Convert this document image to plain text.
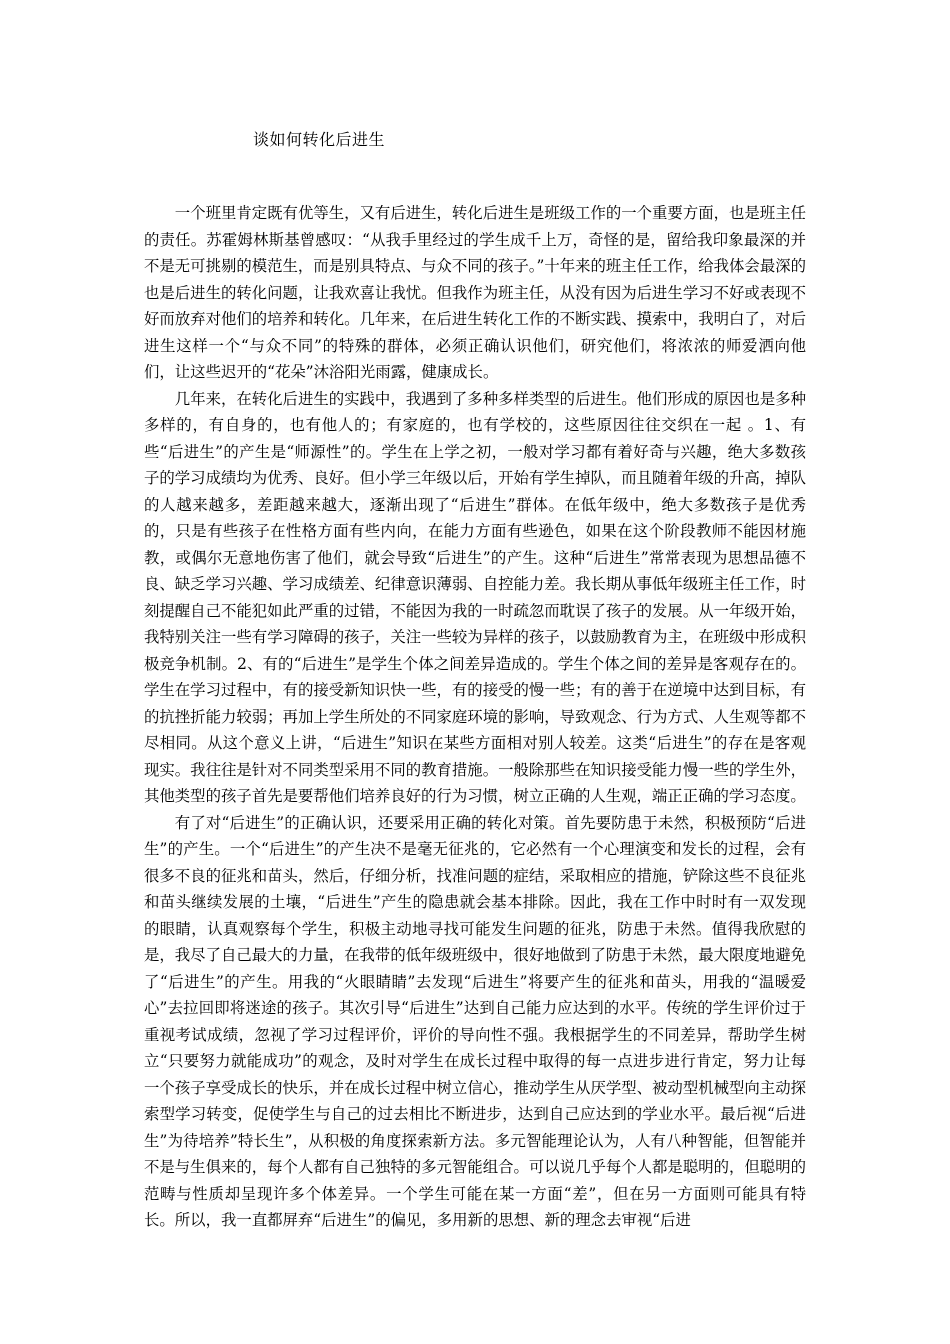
谈如何转化后进生

一个班里肯定既有优等生，又有后进生，转化后进生是班级工作的一个重要方面，也是班主任的责任。苏霍姆林斯基曾感叹：“从我手里经过的学生成千上万，奇怪的是，留给我印象最深的并不是无可挑剔的模范生，而是别具特点、与众不同的孩子。”十年来的班主任工作，给我体会最深的也是后进生的转化问题，让我欢喜让我忧。但我作为班主任，从没有因为后进生学习不好或表现不好而放弃对他们的培养和转化。几年来，在后进生转化工作的不断实践、摸索中，我明白了，对后进生这样一个“与众不同”的特殊的群体，必须正确认识他们，研究他们，将浓浓的师爱洒向他们，让这些迟开的“花朵”沐浴阳光雨露，健康成长。

几年来，在转化后进生的实践中，我遇到了多种多样类型的后进生。他们形成的原因也是多种多样的，有自身的，也有他人的；有家庭的，也有学校的，这些原因往往交织在一起 。1、有些“后进生”的产生是“师源性”的。学生在上学之初，一般对学习都有着好奇与兴趣，绝大多数孩子的学习成绩均为优秀、良好。但小学三年级以后，开始有学生掉队，而且随着年级的升高，掉队的人越来越多，差距越来越大，逐渐出现了“后进生”群体。在低年级中，绝大多数孩子是优秀的，只是有些孩子在性格方面有些内向，在能力方面有些逊色，如果在这个阶段教师不能因材施教，或偶尔无意地伤害了他们，就会导致“后进生”的产生。这种“后进生”常常表现为思想品德不良、缺乏学习兴趣、学习成绩差、纪律意识薄弱、自控能力差。我长期从事低年级班主任工作，时刻提醒自己不能犯如此严重的过错，不能因为我的一时疏忽而耽误了孩子的发展。从一年级开始，我特别关注一些有学习障碍的孩子，关注一些较为异样的孩子，以鼓励教育为主，在班级中形成积极竞争机制。2、有的“后进生”是学生个体之间差异造成的。学生个体之间的差异是客观存在的。学生在学习过程中，有的接受新知识快一些，有的接受的慢一些；有的善于在逆境中达到目标，有的抗挫折能力较弱；再加上学生所处的不同家庭环境的影响，导致观念、行为方式、人生观等都不尽相同。从这个意义上讲，“后进生”知识在某些方面相对别人较差。这类“后进生”的存在是客观现实。我往往是针对不同类型采用不同的教育措施。一般除那些在知识接受能力慢一些的学生外，其他类型的孩子首先是要帮他们培养良好的行为习惯，树立正确的人生观，端正正确的学习态度。

有了对“后进生”的正确认识，还要采用正确的转化对策。首先要防患于未然，积极预防“后进生”的产生。一个“后进生”的产生决不是毫无征兆的，它必然有一个心理演变和发长的过程，会有很多不良的征兆和苗头，然后，仔细分析，找准问题的症结，采取相应的措施，铲除这些不良征兆和苗头继续发展的土壤，“后进生”产生的隐患就会基本排除。因此，我在工作中时时有一双发现的眼睛，认真观察每个学生，积极主动地寻找可能发生问题的征兆，防患于未然。值得我欣慰的是，我尽了自己最大的力量，在我带的低年级班级中，很好地做到了防患于未然，最大限度地避免了“后进生”的产生。用我的“火眼睛睛”去发现“后进生”将要产生的征兆和苗头，用我的“温暖爱心”去拉回即将迷途的孩子。其次引导“后进生”达到自己能力应达到的水平。传统的学生评价过于重视考试成绩，忽视了学习过程评价，评价的导向性不强。我根据学生的不同差异，帮助学生树立“只要努力就能成功”的观念，及时对学生在成长过程中取得的每一点进步进行肯定，努力让每一个孩子享受成长的快乐，并在成长过程中树立信心，推动学生从厌学型、被动型机械型向主动探索型学习转变，促使学生与自己的过去相比不断进步，达到自己应达到的学业水平。最后视“后进生”为待培养”特长生”，从积极的角度探索新方法。多元智能理论认为，人有八种智能，但智能并不是与生俱来的，每个人都有自己独特的多元智能组合。可以说几乎每个人都是聪明的，但聪明的范畴与性质却呈现许多个体差异。一个学生可能在某一方面“差”，但在另一方面则可能具有特长。所以，我一直都屏弃“后进生”的偏见，多用新的思想、新的理念去审视“后进
